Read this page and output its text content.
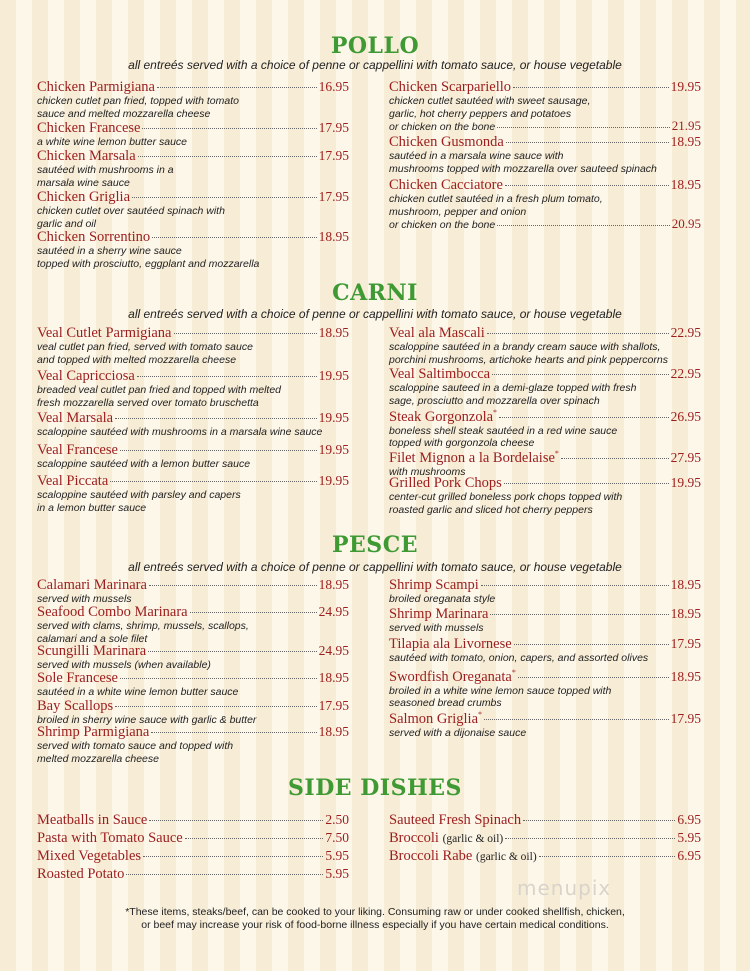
POLLO
all entreés served with a choice of penne or cappellini with tomato sauce, or house vegetable
CARNI
all entreés served with a choice of penne or cappellini with tomato sauce, or house vegetable
PESCE
all entreés served with a choice of penne or cappellini with tomato sauce, or house vegetable
SIDE DISHES
Chicken Parmigiana	16.95
chicken cutlet pan fried, topped with tomato
sauce and melted mozzarella cheese
Chicken Francese	17.95
a white wine lemon butter sauce
Chicken Marsala	17.95
sautéed with mushrooms in a
marsala wine sauce
Chicken Griglia	17.95
chicken cutlet over sautéed spinach with
garlic and oil
Chicken Sorrentino	18.95
sautéed in a sherry wine sauce
topped with prosciutto, eggplant and mozzarella
Chicken Scarpariello	19.95
chicken cutlet sautéed with sweet sausage,
garlic, hot cherry peppers and potatoes
or chicken on the bone	21.95
Chicken Gusmonda	18.95
sautéed in a marsala wine sauce with
mushrooms topped with mozzarella over sauteed spinach
Chicken Cacciatore	18.95
chicken cutlet sautéed in a fresh plum tomato,
mushroom, pepper and onion
or chicken on the bone	20.95
Veal Cutlet Parmigiana	18.95
veal cutlet pan fried, served with tomato sauce
and topped with melted mozzarella cheese
Veal Capricciosa	19.95
breaded veal cutlet pan fried and topped with melted
fresh mozzarella served over tomato bruschetta
Veal Marsala	19.95
scaloppine sautéed with mushrooms in a marsala wine sauce
Veal Francese	19.95
scaloppine sautéed with a lemon butter sauce
Veal Piccata	19.95
scaloppine sautéed with parsley and capers
in a lemon butter sauce
Veal ala Mascali	22.95
scaloppine sautéed in a brandy cream sauce with shallots,
porchini mushrooms, artichoke hearts and pink peppercorns
Veal Saltimbocca	22.95
scaloppine sauteed in a demi-glaze topped with fresh
sage, prosciutto and mozzarella over spinach
Steak Gorgonzola*	26.95
boneless shell steak sautéed in a red wine sauce
topped with gorgonzola cheese
Filet Mignon a la Bordelaise*	27.95
with mushrooms
Grilled Pork Chops	19.95
center-cut grilled boneless pork chops topped with
roasted garlic and sliced hot cherry peppers
Calamari Marinara	18.95
served with mussels
Seafood Combo Marinara	24.95
served with clams, shrimp, mussels, scallops,
calamari and a sole filet
Scungilli Marinara	24.95
served with mussels (when available)
Sole Francese	18.95
sautéed in a white wine lemon butter sauce
Bay Scallops	17.95
broiled in sherry wine sauce with garlic & butter
Shrimp Parmigiana	18.95
served with tomato sauce and topped with
melted mozzarella cheese
Shrimp Scampi	18.95
broiled oreganata style
Shrimp Marinara	18.95
served with mussels
Tilapia ala Livornese	17.95
sautéed with tomato, onion, capers, and assorted olives
Swordfish Oreganata*	18.95
broiled in a white wine lemon sauce topped with
seasoned bread crumbs
Salmon Griglia*	17.95
served with a dijonaise sauce
Meatballs in Sauce	2.50
Pasta with Tomato Sauce	7.50
Mixed Vegetables	5.95
Roasted Potato	5.95
Sauteed Fresh Spinach	6.95
Broccoli (garlic & oil)	5.95
Broccoli Rabe (garlic & oil)	6.95
menupix
*These items, steaks/beef, can be cooked to your liking. Consuming raw or under cooked shellfish, chicken,
or beef may increase your risk of food-borne illness especially if you have certain medical conditions.
